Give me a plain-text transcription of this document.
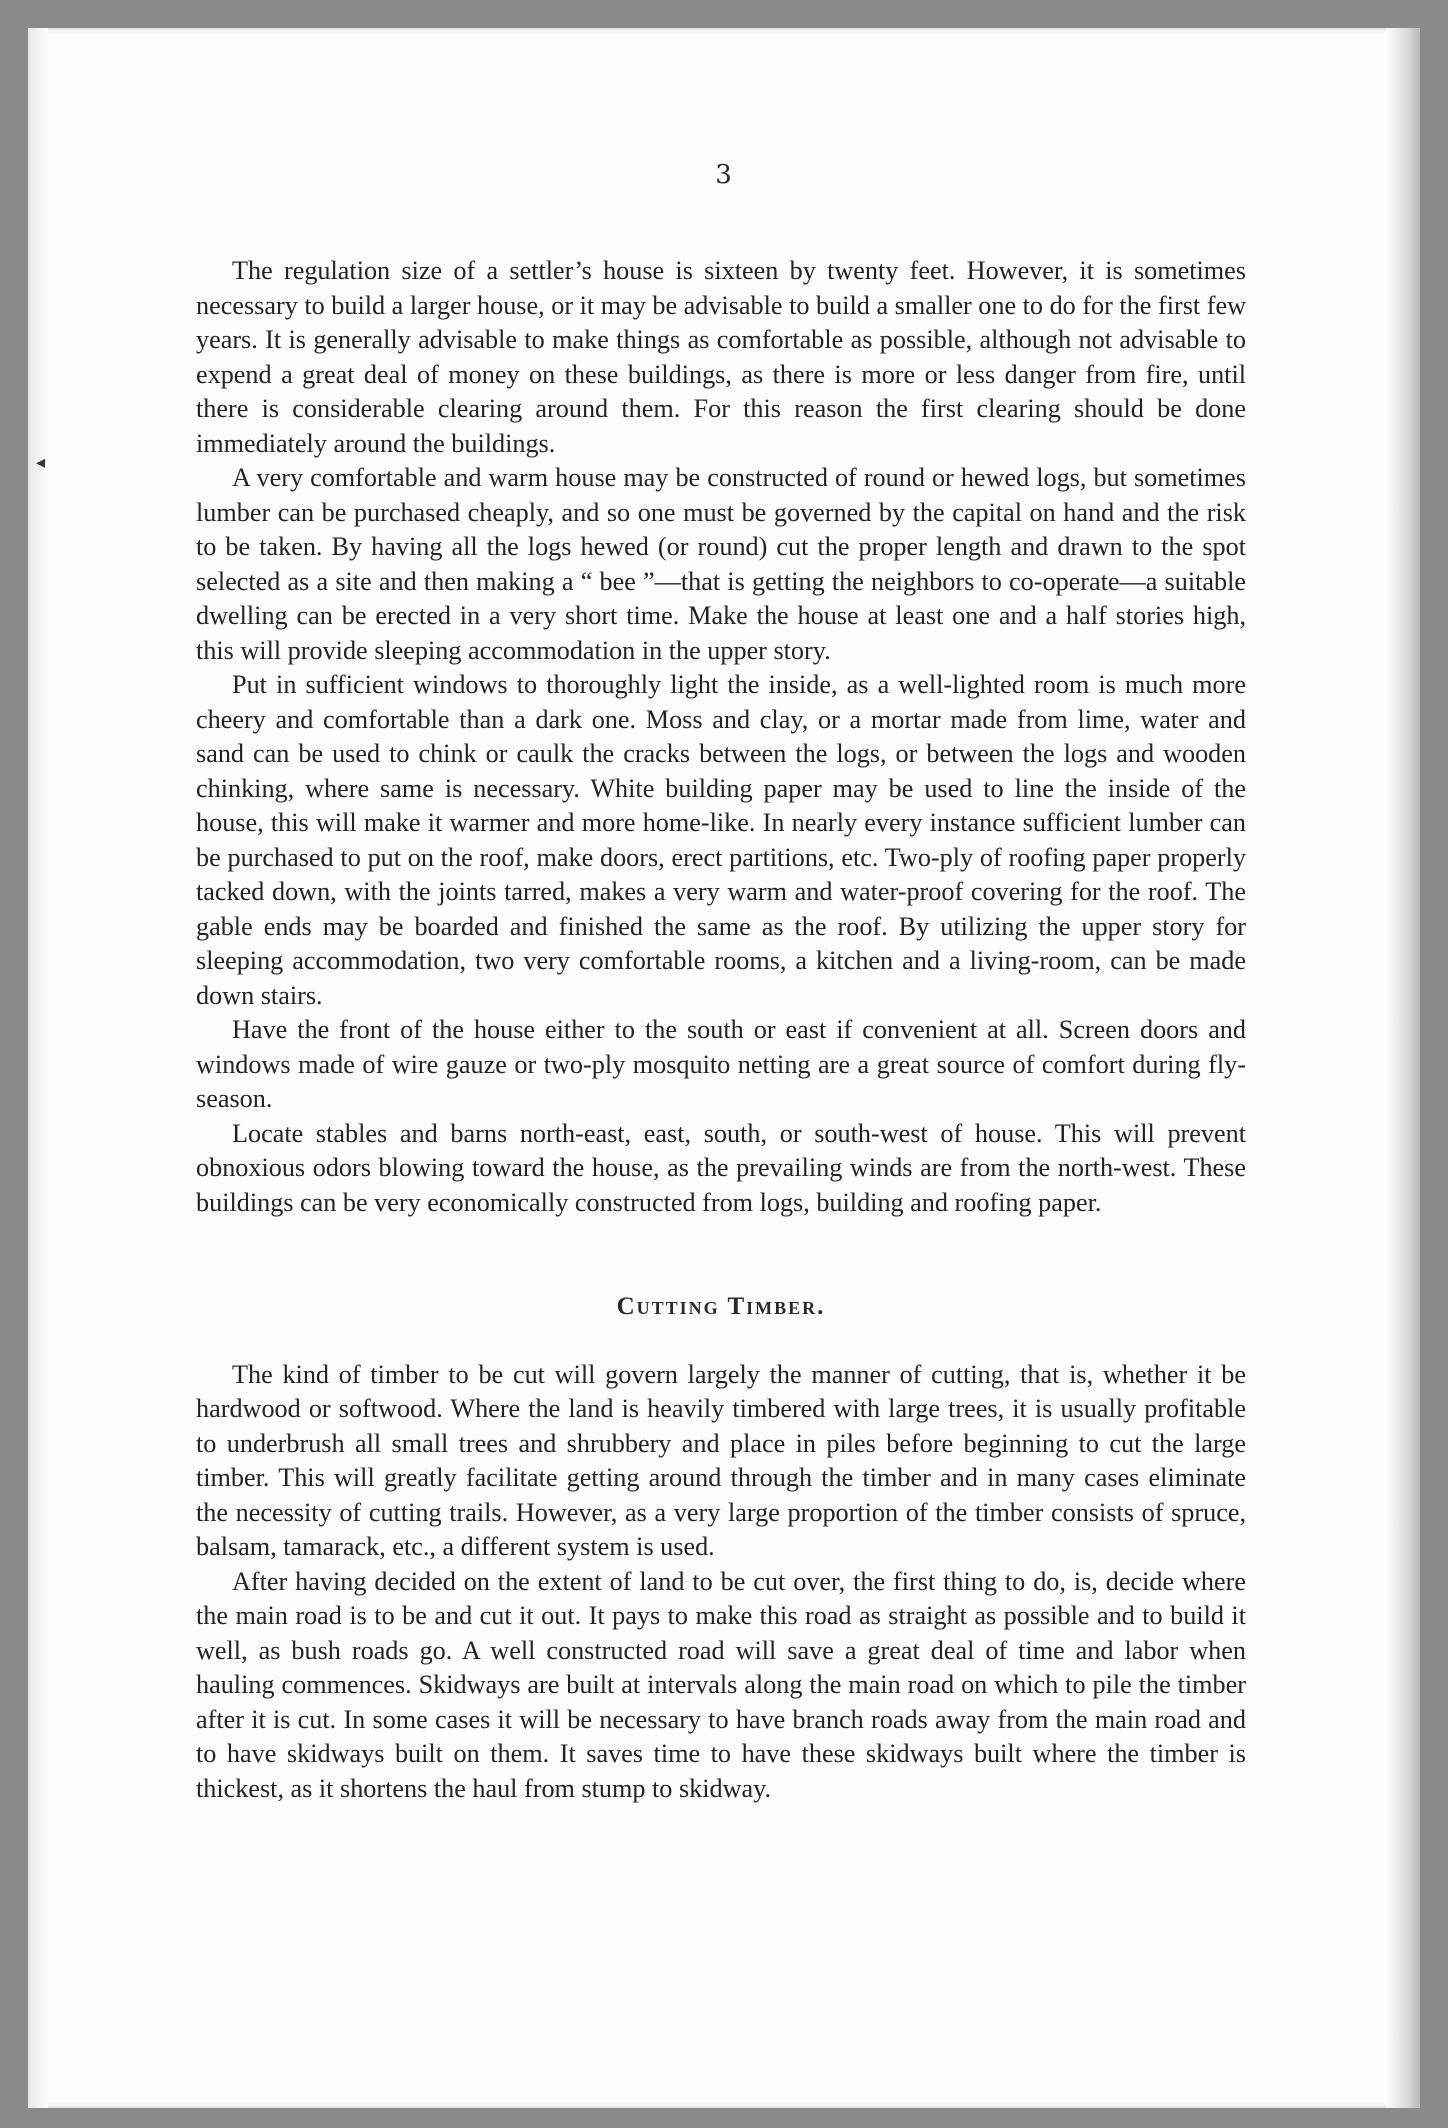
◂
3

The regulation size of a settler’s house is sixteen by twenty feet. However, it is sometimes necessary to build a larger house, or it may be advisable to build a smaller one to do for the first few years. It is generally advisable to make things as comfortable as possible, although not advisable to expend a great deal of money on these buildings, as there is more or less danger from fire, until there is considerable clearing around them. For this reason the first clearing should be done immediately around the buildings.

A very comfortable and warm house may be constructed of round or hewed logs, but sometimes lumber can be purchased cheaply, and so one must be governed by the capital on hand and the risk to be taken. By having all the logs hewed (or round) cut the proper length and drawn to the spot selected as a site and then making a “ bee ”—that is getting the neighbors to co-operate—a suitable dwelling can be erected in a very short time. Make the house at least one and a half stories high, this will provide sleeping accommodation in the upper story.

Put in sufficient windows to thoroughly light the inside, as a well-lighted room is much more cheery and comfortable than a dark one. Moss and clay, or a mortar made from lime, water and sand can be used to chink or caulk the cracks between the logs, or between the logs and wooden chinking, where same is necessary. White building paper may be used to line the inside of the house, this will make it warmer and more home-like. In nearly every instance sufficient lumber can be purchased to put on the roof, make doors, erect partitions, etc. Two-ply of roofing paper properly tacked down, with the joints tarred, makes a very warm and water-proof covering for the roof. The gable ends may be boarded and finished the same as the roof. By utilizing the upper story for sleeping accommodation, two very comfortable rooms, a kitchen and a living-room, can be made down stairs.

Have the front of the house either to the south or east if convenient at all. Screen doors and windows made of wire gauze or two-ply mosquito netting are a great source of comfort during fly-season.

Locate stables and barns north-east, east, south, or south-west of house. This will prevent obnoxious odors blowing toward the house, as the prevailing winds are from the north-west. These buildings can be very economically constructed from logs, building and roofing paper.

Cutting Timber.

The kind of timber to be cut will govern largely the manner of cutting, that is, whether it be hardwood or softwood. Where the land is heavily timbered with large trees, it is usually profitable to underbrush all small trees and shrubbery and place in piles before beginning to cut the large timber. This will greatly facilitate getting around through the timber and in many cases eliminate the necessity of cutting trails. However, as a very large proportion of the timber consists of spruce, balsam, tamarack, etc., a different system is used.

After having decided on the extent of land to be cut over, the first thing to do, is, decide where the main road is to be and cut it out. It pays to make this road as straight as possible and to build it well, as bush roads go. A well constructed road will save a great deal of time and labor when hauling commences. Skidways are built at intervals along the main road on which to pile the timber after it is cut. In some cases it will be necessary to have branch roads away from the main road and to have skidways built on them. It saves time to have these skidways built where the timber is thickest, as it shortens the haul from stump to skidway.
